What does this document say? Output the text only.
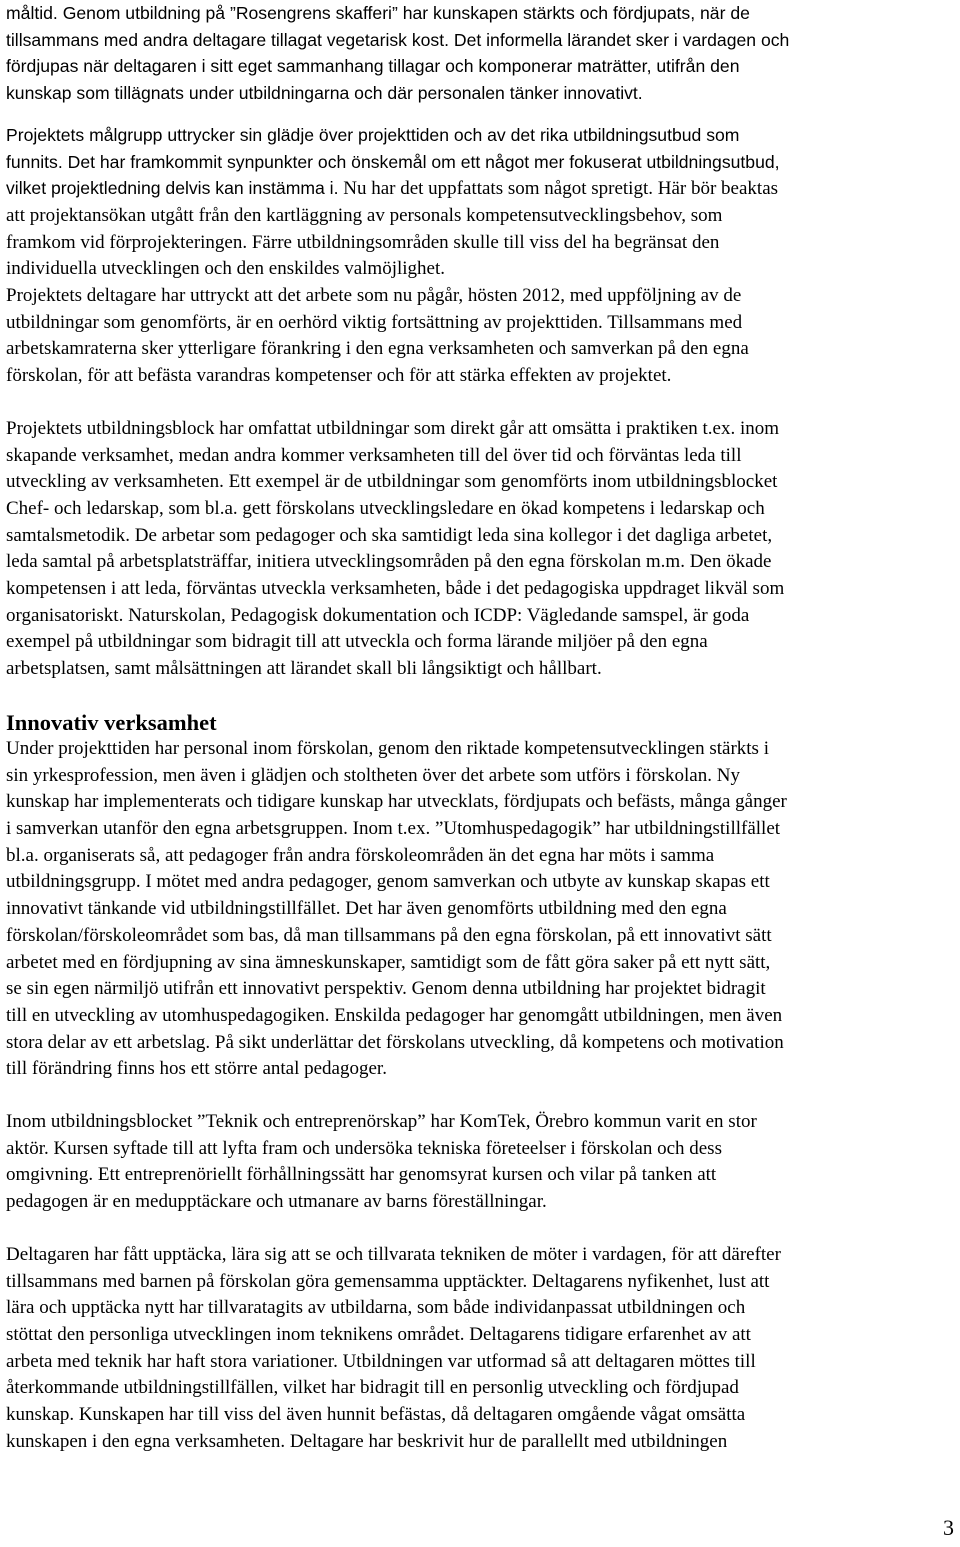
måltid. Genom utbildning på ”Rosengrens skafferi” har kunskapen stärkts och fördjupats, när de
tillsammans med andra deltagare tillagat vegetarisk kost. Det informella lärandet sker i vardagen och
fördjupas när deltagaren i sitt eget sammanhang tillagar och komponerar maträtter, utifrån den
kunskap som tillägnats under utbildningarna och där personalen tänker innovativt.
Projektets målgrupp uttrycker sin glädje över projekttiden och av det rika utbildningsutbud som
funnits. Det har framkommit synpunkter och önskemål om ett något mer fokuserat utbildningsutbud,
vilket projektledning delvis kan instämma i. Nu har det uppfattats som något spretigt. Här bör beaktas
att projektansökan utgått från den kartläggning av personals kompetensutvecklingsbehov, som
framkom vid förprojekteringen. Färre utbildningsområden skulle till viss del ha begränsat den
individuella utvecklingen och den enskildes valmöjlighet.
Projektets deltagare har uttryckt att det arbete som nu pågår, hösten 2012, med uppföljning av de
utbildningar som genomförts, är en oerhörd viktig fortsättning av projekttiden. Tillsammans med
arbetskamraterna sker ytterligare förankring i den egna verksamheten och samverkan på den egna
förskolan, för att befästa varandras kompetenser och för att stärka effekten av projektet.
Projektets utbildningsblock har omfattat utbildningar som direkt går att omsätta i praktiken t.ex. inom
skapande verksamhet, medan andra kommer verksamheten till del över tid och förväntas leda till
utveckling av verksamheten. Ett exempel är de utbildningar som genomförts inom utbildningsblocket
Chef- och ledarskap, som bl.a. gett förskolans utvecklingsledare en ökad kompetens i ledarskap och
samtalsmetodik. De arbetar som pedagoger och ska samtidigt leda sina kollegor i det dagliga arbetet,
leda samtal på arbetsplatsträffar, initiera utvecklingsområden på den egna förskolan m.m. Den ökade
kompetensen i att leda, förväntas utveckla verksamheten, både i det pedagogiska uppdraget likväl som
organisatoriskt. Naturskolan, Pedagogisk dokumentation och ICDP: Vägledande samspel, är goda
exempel på utbildningar som bidragit till att utveckla och forma lärande miljöer på den egna
arbetsplatsen, samt målsättningen att lärandet skall bli långsiktigt och hållbart.
Innovativ verksamhet
Under projekttiden har personal inom förskolan, genom den riktade kompetensutvecklingen stärkts i
sin yrkesprofession, men även i glädjen och stoltheten över det arbete som utförs i förskolan. Ny
kunskap har implementerats och tidigare kunskap har utvecklats, fördjupats och befästs, många gånger
i samverkan utanför den egna arbetsgruppen. Inom t.ex. ”Utomhuspedagogik” har utbildningstillfället
bl.a. organiserats så, att pedagoger från andra förskoleområden än det egna har möts i samma
utbildningsgrupp. I mötet med andra pedagoger, genom samverkan och utbyte av kunskap skapas ett
innovativt tänkande vid utbildningstillfället. Det har även genomförts utbildning med den egna
förskolan/förskoleområdet som bas, då man tillsammans på den egna förskolan, på ett innovativt sätt
arbetet med en fördjupning av sina ämneskunskaper, samtidigt som de fått göra saker på ett nytt sätt,
se sin egen närmiljö utifrån ett innovativt perspektiv. Genom denna utbildning har projektet bidragit
till en utveckling av utomhuspedagogiken. Enskilda pedagoger har genomgått utbildningen, men även
stora delar av ett arbetslag. På sikt underlättar det förskolans utveckling, då kompetens och motivation
till förändring finns hos ett större antal pedagoger.
Inom utbildningsblocket ”Teknik och entreprenörskap” har KomTek, Örebro kommun varit en stor
aktör. Kursen syftade till att lyfta fram och undersöka tekniska företeelser i förskolan och dess
omgivning. Ett entreprenöriellt förhållningssätt har genomsyrat kursen och vilar på tanken att
pedagogen är en medupptäckare och utmanare av barns föreställningar.
Deltagaren har fått upptäcka, lära sig att se och tillvarata tekniken de möter i vardagen, för att därefter
tillsammans med barnen på förskolan göra gemensamma upptäckter. Deltagarens nyfikenhet, lust att
lära och upptäcka nytt har tillvaratagits av utbildarna, som både individanpassat utbildningen och
stöttat den personliga utvecklingen inom teknikens området. Deltagarens tidigare erfarenhet av att
arbeta med teknik har haft stora variationer. Utbildningen var utformad så att deltagaren möttes till
återkommande utbildningstillfällen, vilket har bidragit till en personlig utveckling och fördjupad
kunskap. Kunskapen har till viss del även hunnit befästas, då deltagaren omgående vågat omsätta
kunskapen i den egna verksamheten. Deltagare har beskrivit hur de parallellt med utbildningen
3
